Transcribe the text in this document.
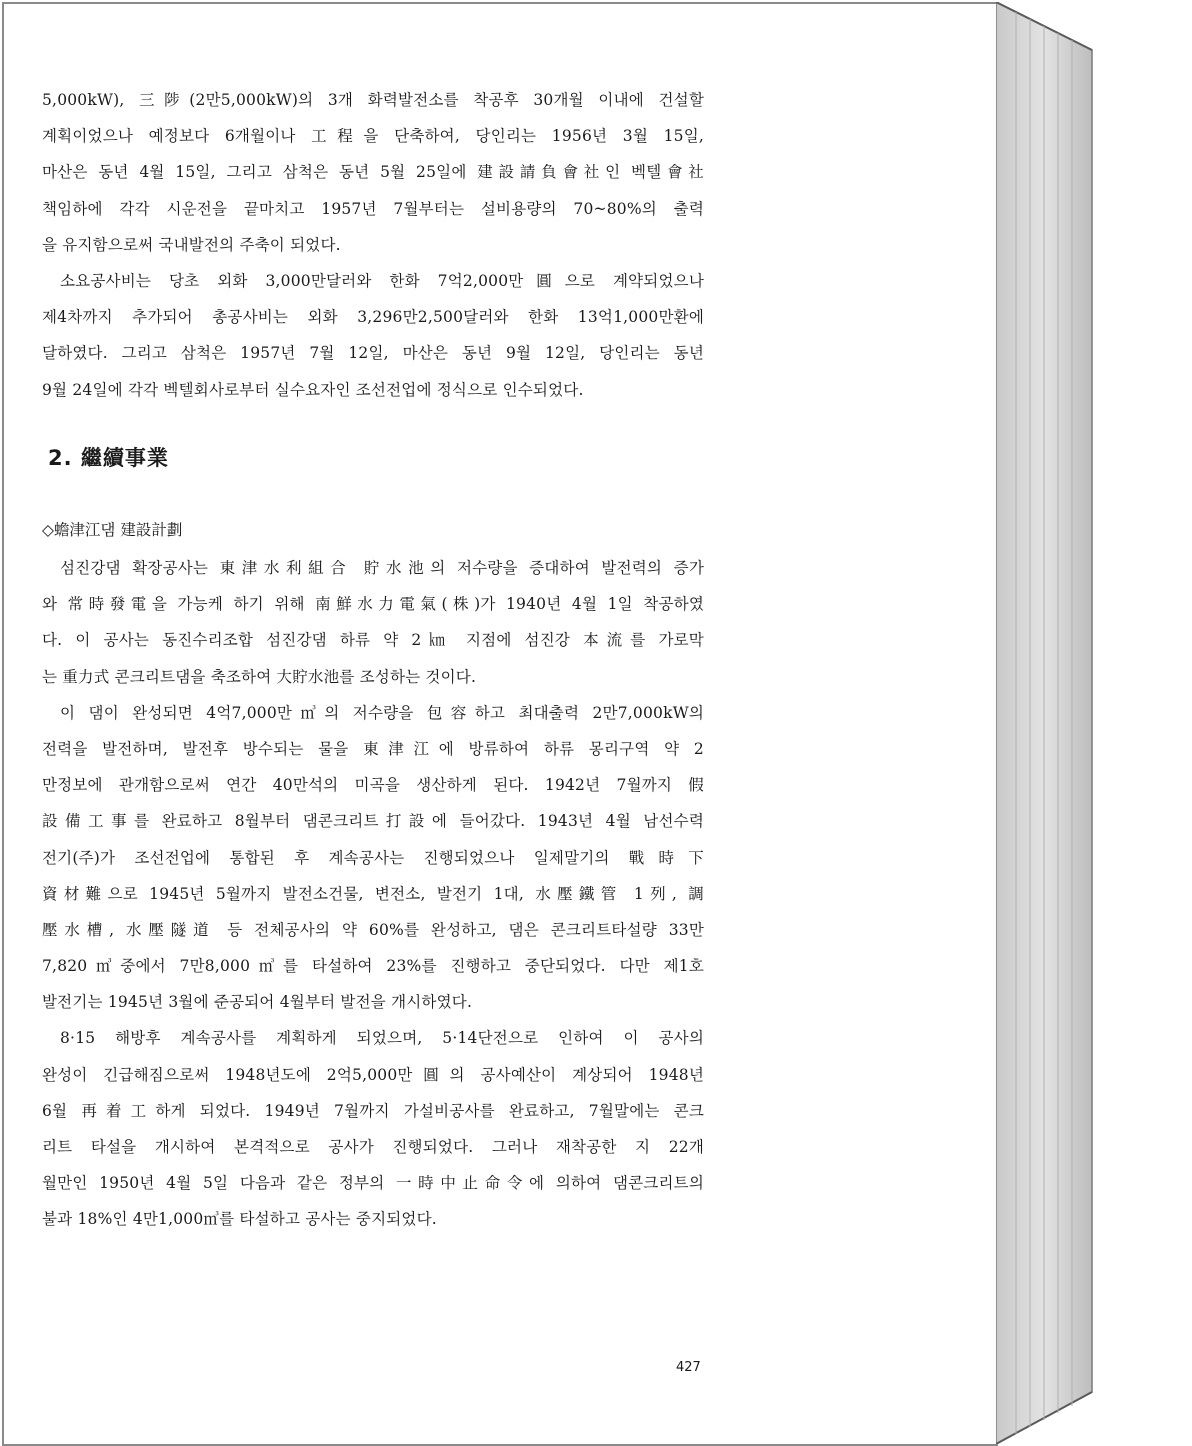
5,000kW), 三陟(2만5,000kW)의 3개 화력발전소를 착공후 30개월 이내에 건설할
계획이었으나 예정보다 6개월이나 工程을 단축하여, 당인리는 1956년 3월 15일,
마산은 동년 4월 15일, 그리고 삼척은 동년 5월 25일에 建設請負會社인 벡텔會社
책임하에 각각 시운전을 끝마치고 1957년 7월부터는 설비용량의 70~80%의 출력
을 유지함으로써 국내발전의 주축이 되었다.
소요공사비는 당초 외화 3,000만달러와 한화 7억2,000만圓으로 계약되었으나
제4차까지 추가되어 총공사비는 외화 3,296만2,500달러와 한화 13억1,000만환에
달하였다. 그리고 삼척은 1957년 7월 12일, 마산은 동년 9월 12일, 당인리는 동년
9월 24일에 각각 벡텔회사로부터 실수요자인 조선전업에 정식으로 인수되었다.
2. 繼續事業
◇蟾津江댐 建設計劃
섬진강댐 확장공사는 東津水利組合 貯水池의 저수량을 증대하여 발전력의 증가
와 常時發電을 가능케 하기 위해 南鮮水力電氣(株)가 1940년 4월 1일 착공하였
다. 이 공사는 동진수리조합 섬진강댐 하류 약 2㎞ 지점에 섬진강 本流를 가로막
는 重力式 콘크리트댐을 축조하여 大貯水池를 조성하는 것이다.
이 댐이 완성되면 4억7,000만㎥의 저수량을 包容하고 최대출력 2만7,000kW의
전력을 발전하며, 발전후 방수되는 물을 東津江에 방류하여 하류 몽리구역 약 2
만정보에 관개함으로써 연간 40만석의 미곡을 생산하게 된다. 1942년 7월까지 假
設備工事를 완료하고 8월부터 댐콘크리트打設에 들어갔다. 1943년 4월 남선수력
전기(주)가 조선전업에 통합된 후 계속공사는 진행되었으나 일제말기의 戰時下
資材難으로 1945년 5월까지 발전소건물, 변전소, 발전기 1대, 水壓鐵管 1列, 調
壓水槽, 水壓隧道 등 전체공사의 약 60%를 완성하고, 댐은 콘크리트타설량 33만
7,820㎥중에서 7만8,000㎥를 타설하여 23%를 진행하고 중단되었다. 다만 제1호
발전기는 1945년 3월에 준공되어 4월부터 발전을 개시하였다.
8·15 해방후 계속공사를 계획하게 되었으며, 5·14단전으로 인하여 이 공사의
완성이 긴급해짐으로써 1948년도에 2억5,000만圓의 공사예산이 계상되어 1948년
6월 再着工하게 되었다. 1949년 7월까지 가설비공사를 완료하고, 7월말에는 콘크
리트 타설을 개시하여 본격적으로 공사가 진행되었다. 그러나 재착공한 지 22개
월만인 1950년 4월 5일 다음과 같은 정부의 一時中止命令에 의하여 댐콘크리트의
불과 18%인 4만1,000㎥를 타설하고 공사는 중지되었다.
427
